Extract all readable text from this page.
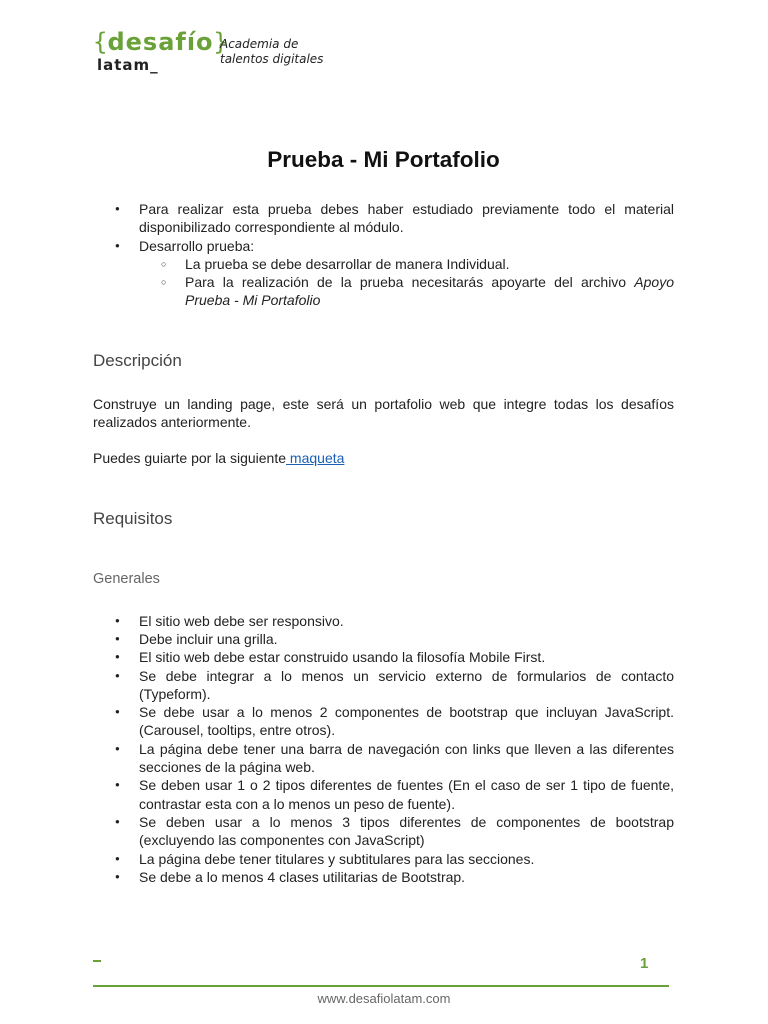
{desafío}
latam_
Academia de
talentos digitales
Prueba - Mi Portafolio
● Para realizar esta prueba debes haber estudiado previamente todo el material disponibilizado correspondiente al módulo.
● Desarrollo prueba:
○ La prueba se debe desarrollar de manera Individual.
○ Para la realización de la prueba necesitarás apoyarte del archivo Apoyo Prueba - Mi Portafolio
Descripción

Construye un landing page, este será un portafolio web que integre todas los desafíos realizados anteriormente.

Puedes guiarte por la siguiente maqueta

Requisitos
Generales
● El sitio web debe ser responsivo.
● Debe incluir una grilla.
● El sitio web debe estar construido usando la filosofía Mobile First.
● Se debe integrar a lo menos un servicio externo de formularios de contacto (Typeform).
● Se debe usar a lo menos 2 componentes de bootstrap que incluyan JavaScript. (Carousel, tooltips, entre otros).
● La página debe tener una barra de navegación con links que lleven a las diferentes secciones de la página web.
● Se deben usar 1 o 2 tipos diferentes de fuentes (En el caso de ser 1 tipo de fuente, contrastar esta con a lo menos un peso de fuente).
● Se deben usar a lo menos 3 tipos diferentes de componentes de bootstrap (excluyendo las componentes con JavaScript)
● La página debe tener titulares y subtitulares para las secciones.
● Se debe a lo menos 4 clases utilitarias de Bootstrap.
1
www.desafiolatam.com
